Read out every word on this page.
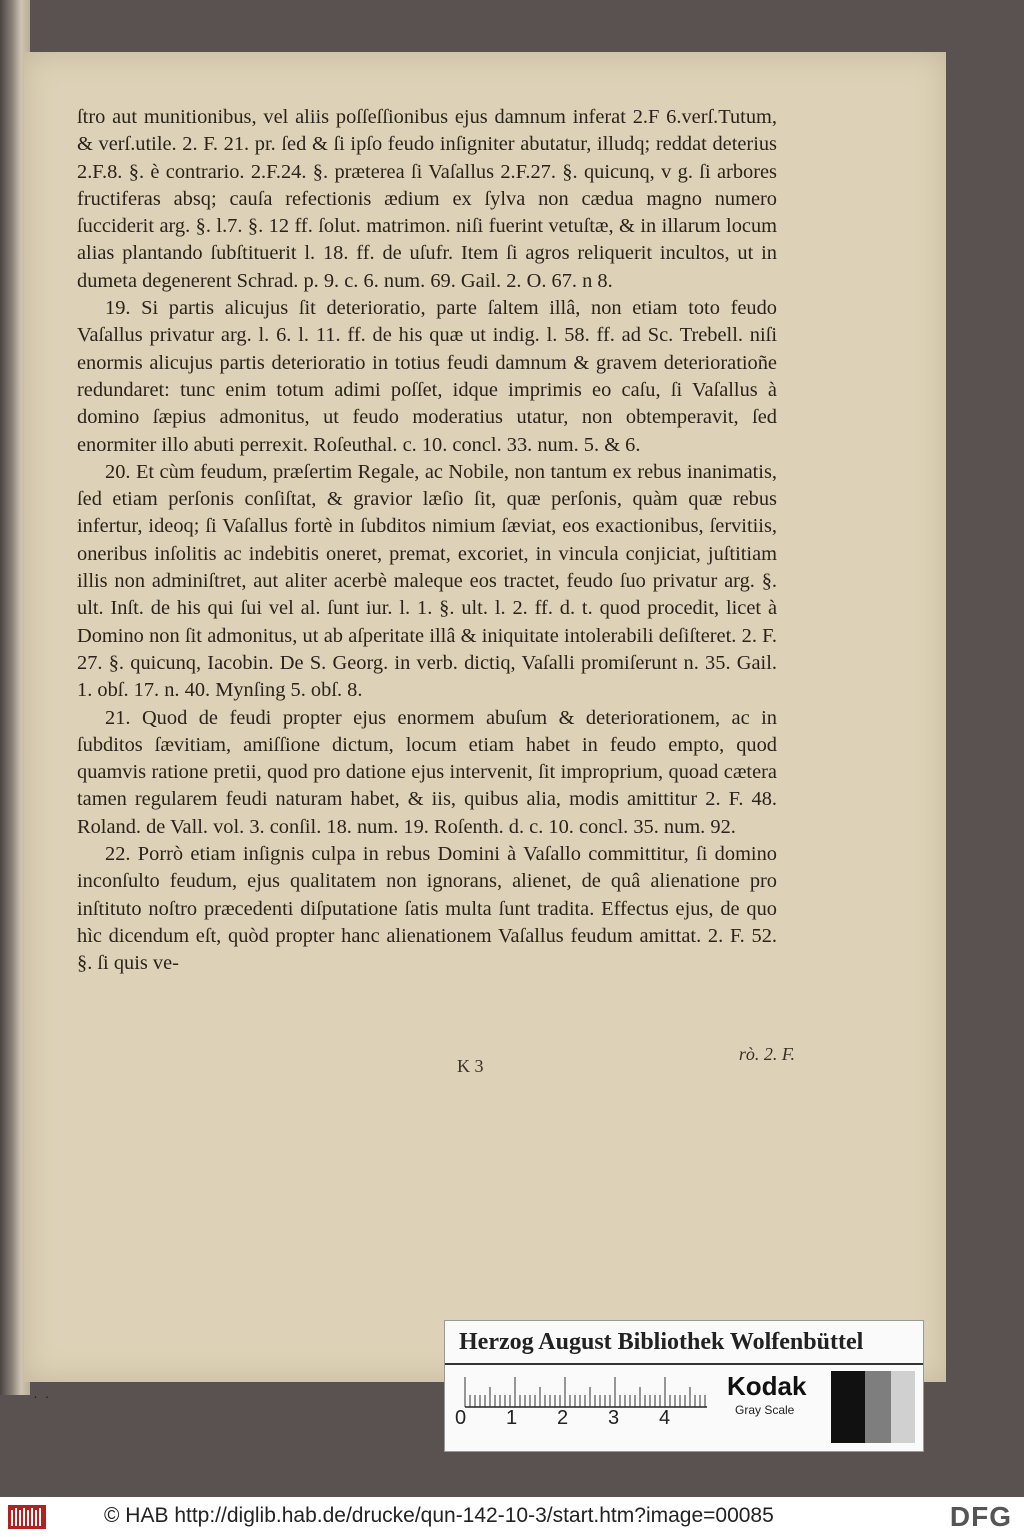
ſtro aut munitionibus, vel aliis poſſeſſionibus ejus damnum inferat 2.F 6.verſ.Tutum, & verſ.utile. 2. F. 21. pr. ſed & ſi ipſo feudo inſigniter abutatur, illudq; reddat deterius 2.F.8. §. è contrario. 2.F.24. §. præterea ſi Vaſallus 2.F.27. §. quicunq, v g. ſi arbores fructiferas absq; cauſa refectionis ædium ex ſylva non cædua magno numero ſucciderit arg. §. l.7. §. 12 ff. ſolut. matrimon. niſi fuerint vetuſtæ, & in illarum locum alias plantando ſubſtituerit l. 18. ff. de uſufr. Item ſi agros reliquerit incultos, ut in dumeta degenerent Schrad. p. 9. c. 6. num. 69. Gail. 2. O. 67. n 8.

19. Si partis alicujus ſit deterioratio, parte ſaltem illâ, non etiam toto feudo Vaſallus privatur arg. l. 6. l. 11. ff. de his quæ ut indig. l. 58. ff. ad Sc. Trebell. niſi enormis alicujus partis deterioratio in totius feudi damnum & gravem deterioratioñe redundaret: tunc enim totum adimi poſſet, idque imprimis eo caſu, ſi Vaſallus à domino ſæpius admonitus, ut feudo moderatius utatur, non obtemperavit, ſed enormiter illo abuti perrexit. Roſeuthal. c. 10. concl. 33. num. 5. & 6.

20. Et cùm feudum, præſertim Regale, ac Nobile, non tantum ex rebus inanimatis, ſed etiam perſonis conſiſtat, & gravior læſio ſit, quæ perſonis, quàm quæ rebus infertur, ideoq; ſi Vaſallus fortè in ſubditos nimium ſæviat, eos exactionibus, ſervitiis, oneribus inſolitis ac indebitis oneret, premat, excoriet, in vincula conjiciat, juſtitiam illis non adminiſtret, aut aliter acerbè maleque eos tractet, feudo ſuo privatur arg. §. ult. Inſt. de his qui ſui vel al. ſunt iur. l. 1. §. ult. l. 2. ff. d. t. quod procedit, licet à Domino non ſit admonitus, ut ab aſperitate illâ & iniquitate intolerabili deſiſteret. 2. F. 27. §. quicunq, Iacobin. De S. Georg. in verb. dictiq, Vaſalli promiſerunt n. 35. Gail. 1. obſ. 17. n. 40. Mynſing 5. obſ. 8.

21. Quod de feudi propter ejus enormem abuſum & deteriorationem, ac in ſubditos ſævitiam, amiſſione dictum, locum etiam habet in feudo empto, quod quamvis ratione pretii, quod pro datione ejus intervenit, ſit improprium, quoad cætera tamen regularem feudi naturam habet, & iis, quibus alia, modis amittitur 2. F. 48. Roland. de Vall. vol. 3. conſil. 18. num. 19. Roſenth. d. c. 10. concl. 35. num. 92.

22. Porrò etiam inſignis culpa in rebus Domini à Vaſallo committitur, ſi domino inconſulto feudum, ejus qualitatem non ignorans, alienet, de quâ alienatione pro inſtituto noſtro præcedenti diſputatione ſatis multa ſunt tradita. Effectus ejus, de quo hìc dicendum eſt, quòd propter hanc alienationem Vaſallus feudum amittat. 2. F. 52. §. ſi quis ve-

K 3
rò. 2. F.
˙ ˙
Herzog August Bibliothek Wolfenbüttel
0 1 2 3 4
Kodak
Gray Scale
© HAB http://diglib.hab.de/drucke/qun-142-10-3/start.htm?image=00085	DFG
